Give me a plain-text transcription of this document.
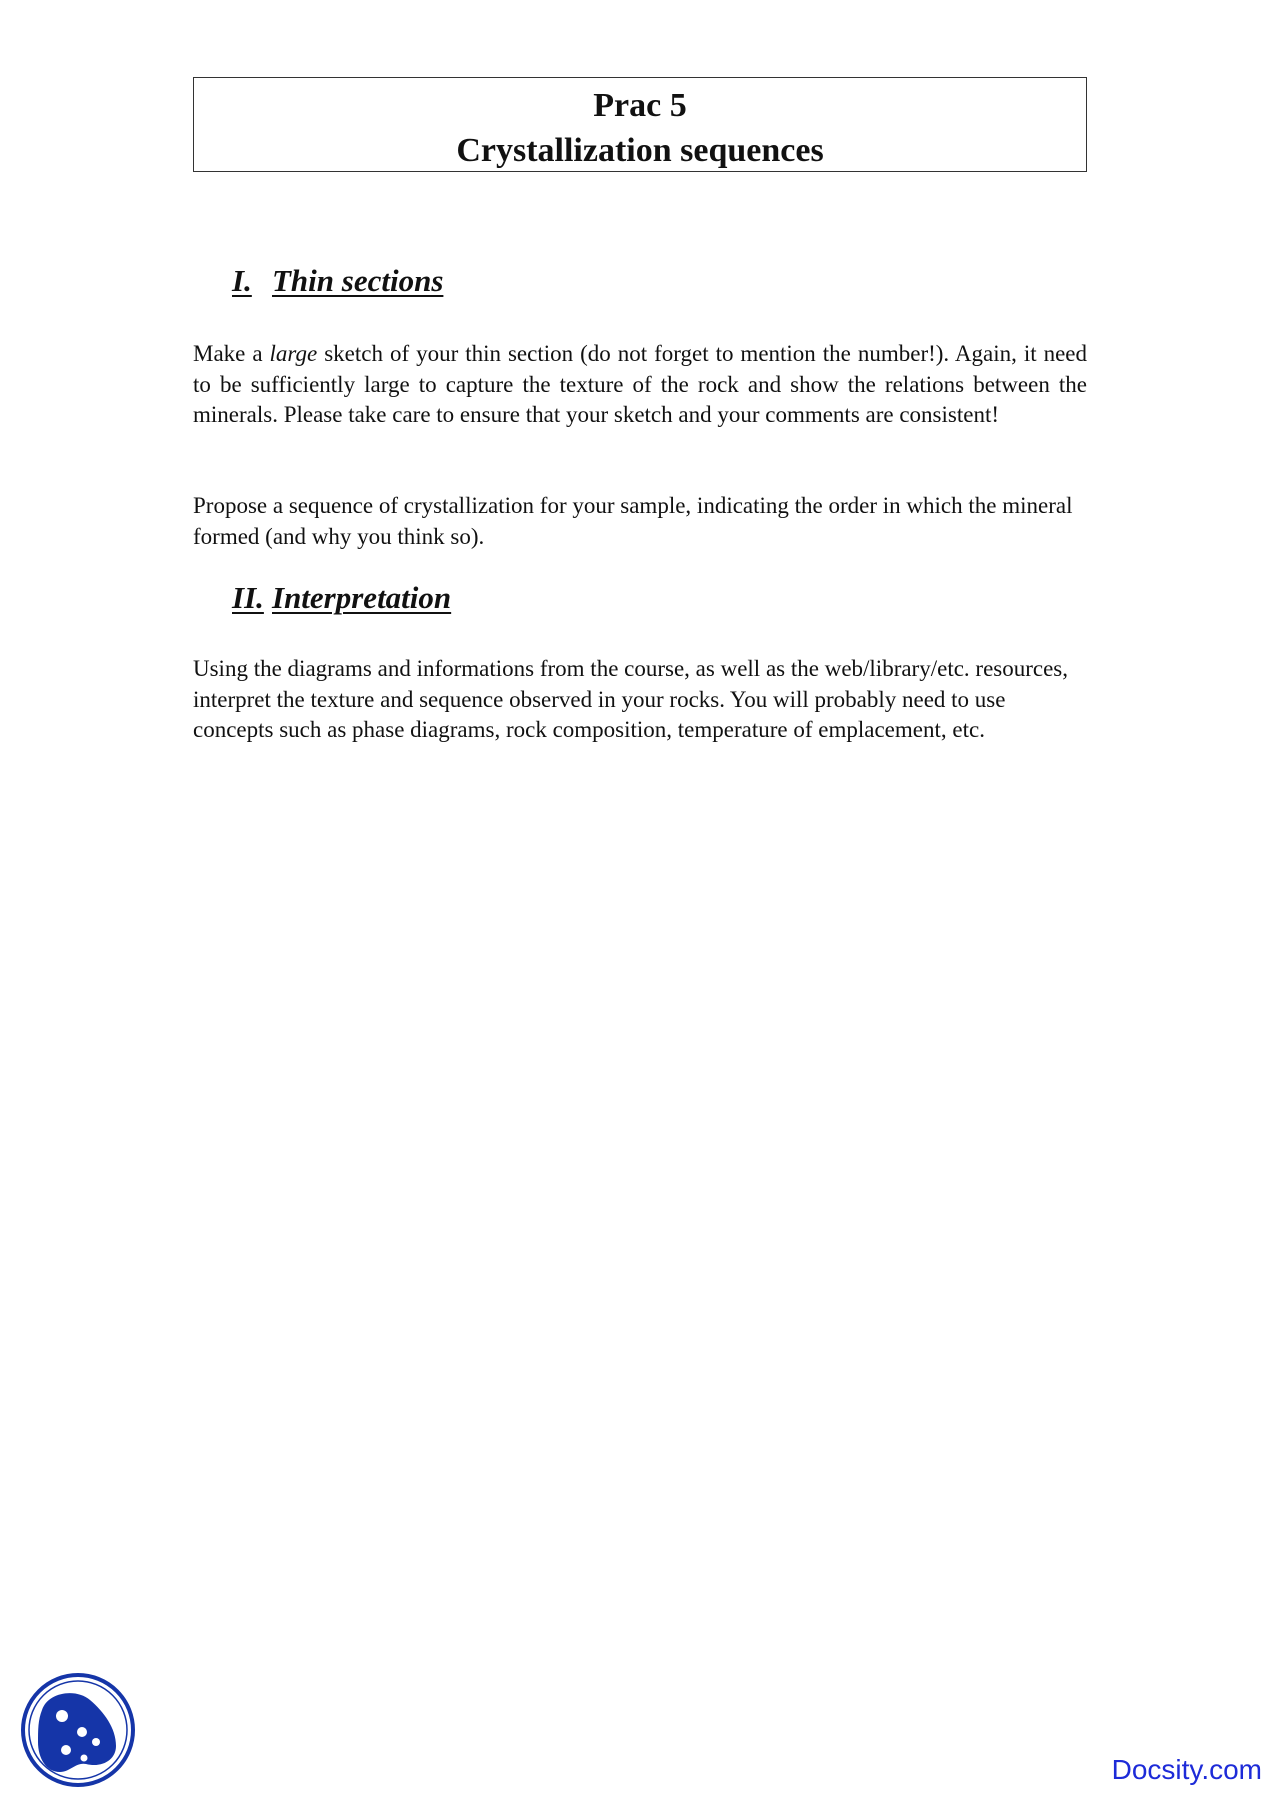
Prac 5
Crystallization sequences
I. Thin sections
Make a large sketch of your thin section (do not forget to mention the number!). Again, it need to be sufficiently large to capture the texture of the rock and show the relations between the minerals. Please take care to ensure that your sketch and your comments are consistent!
Propose a sequence of crystallization for your sample, indicating the order in which the mineral formed (and why you think so).
II. Interpretation
Using the diagrams and informations from the course, as well as the web/library/etc. resources, interpret the texture and sequence observed in your rocks. You will probably need to use concepts such as phase diagrams, rock composition, temperature of emplacement, etc.
Docsity.com
